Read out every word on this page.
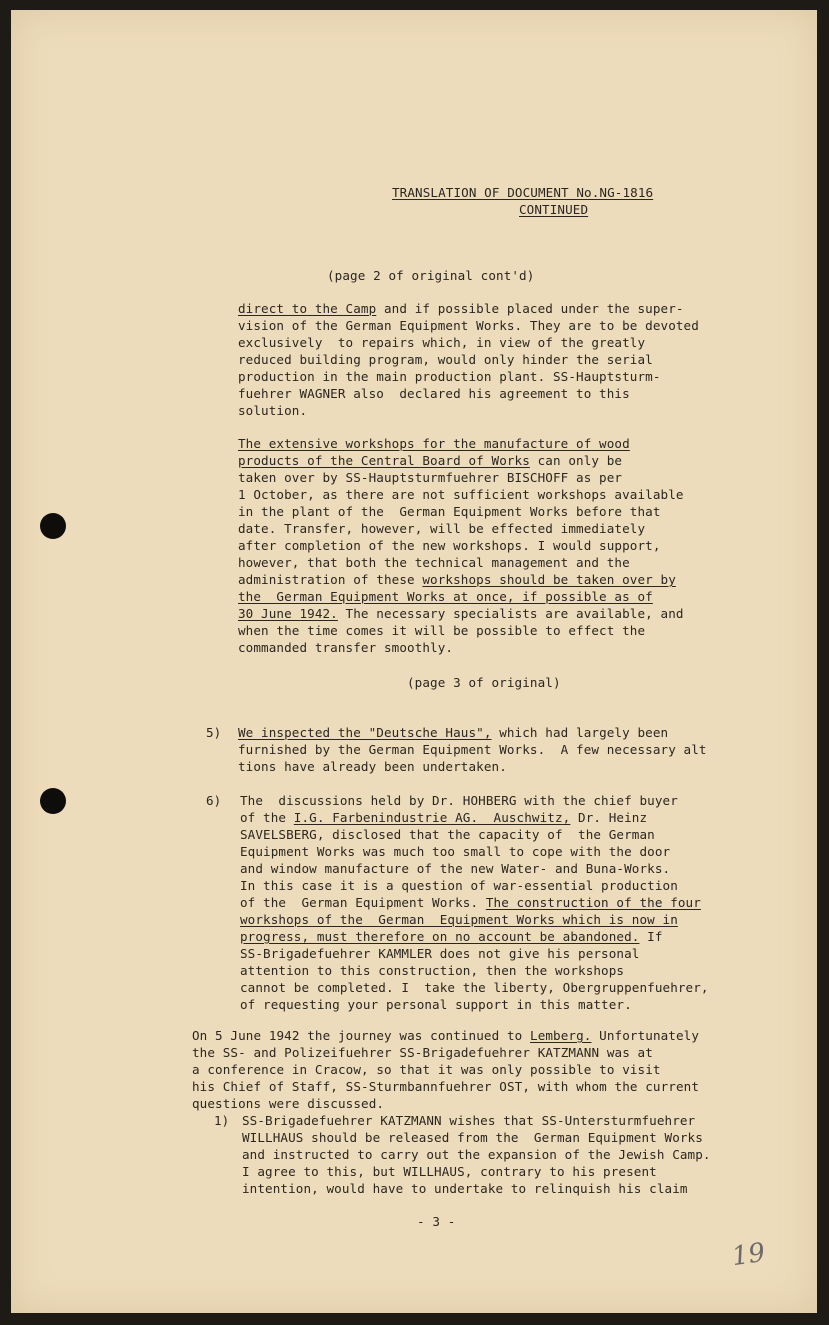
TRANSLATION OF DOCUMENT No.NG-1816
CONTINUED
(page 2 of original cont'd)
direct to the Camp and if possible placed under the super-
vision of the German Equipment Works. They are to be devoted
exclusively  to repairs which, in view of the greatly
reduced building program, would only hinder the serial
production in the main production plant. SS-Hauptsturm-
fuehrer WAGNER also  declared his agreement to this
solution.
The extensive workshops for the manufacture of wood
products of the Central Board of Works can only be
taken over by SS-Hauptsturmfuehrer BISCHOFF as per
1 October, as there are not sufficient workshops available
in the plant of the  German Equipment Works before that
date. Transfer, however, will be effected immediately
after completion of the new workshops. I would support,
however, that both the technical management and the
administration of these workshops should be taken over by
the  German Equipment Works at once, if possible as of
30 June 1942. The necessary specialists are available, and
when the time comes it will be possible to effect the
commanded transfer smoothly.
(page 3 of original)
5) We inspected the "Deutsche Haus", which had largely been
furnished by the German Equipment Works.  A few necessary alt
tions have already been undertaken.
6) The  discussions held by Dr. HOHBERG with the chief buyer
of the I.G. Farbenindustrie AG.  Auschwitz, Dr. Heinz
SAVELSBERG, disclosed that the capacity of  the German
Equipment Works was much too small to cope with the door
and window manufacture of the new Water- and Buna-Works.
In this case it is a question of war-essential production
of the  German Equipment Works. The construction of the four
workshops of the  German  Equipment Works which is now in
progress, must therefore on no account be abandoned. If
SS-Brigadefuehrer KAMMLER does not give his personal
attention to this construction, then the workshops
cannot be completed. I  take the liberty, Obergruppenfuehrer,
of requesting your personal support in this matter.
On 5 June 1942 the journey was continued to Lemberg. Unfortunately
the SS- and Polizeifuehrer SS-Brigadefuehrer KATZMANN was at
a conference in Cracow, so that it was only possible to visit
his Chief of Staff, SS-Sturmbannfuehrer OST, with whom the current
questions were discussed.
1) SS-Brigadefuehrer KATZMANN wishes that SS-Untersturmfuehrer
WILLHAUS should be released from the  German Equipment Works
and instructed to carry out the expansion of the Jewish Camp.
I agree to this, but WILLHAUS, contrary to his present
intention, would have to undertake to relinquish his claim
- 3 -
19
